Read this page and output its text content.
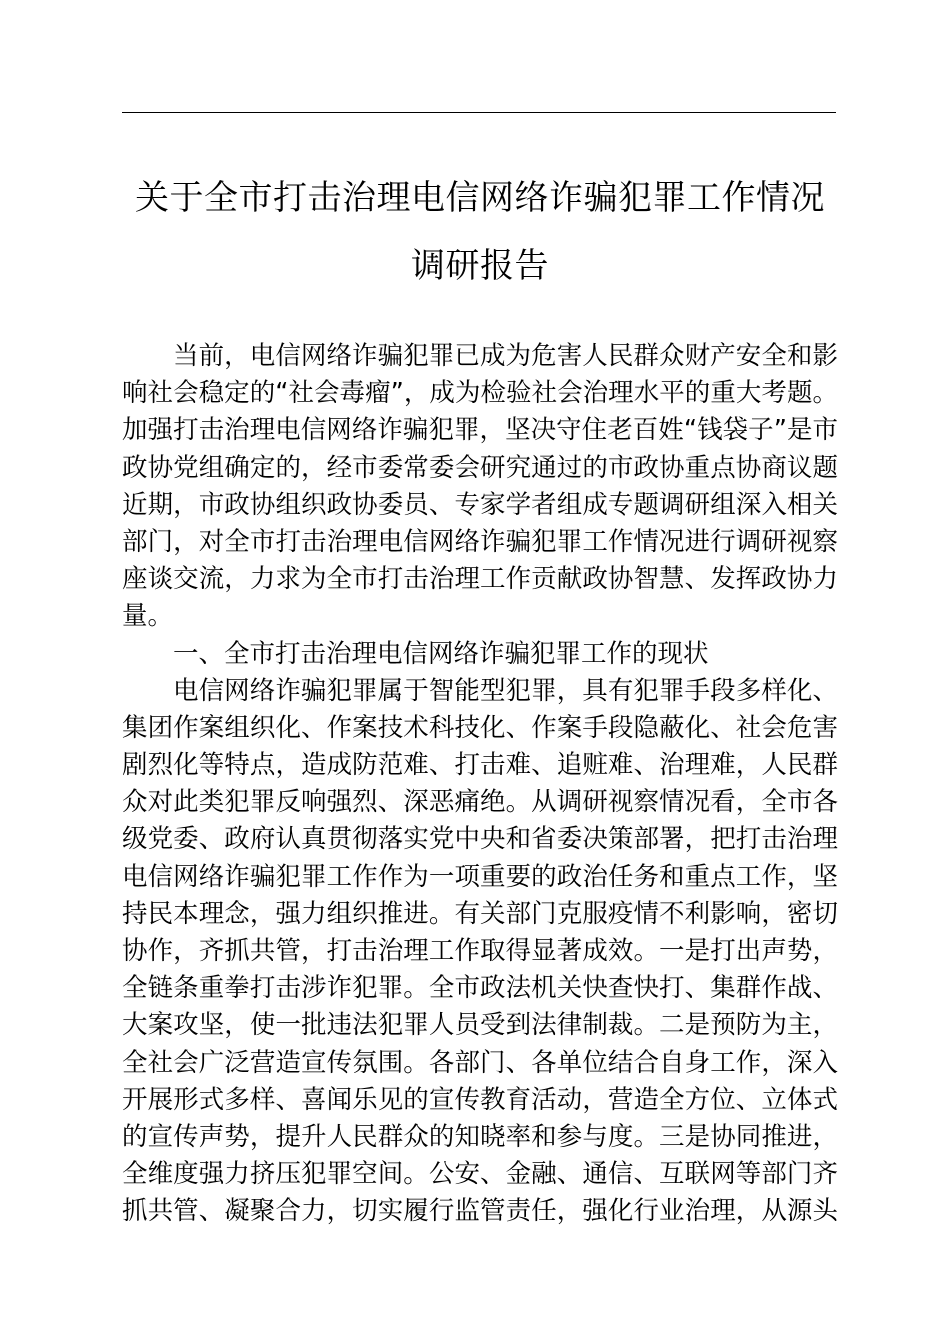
关于全市打击治理电信网络诈骗犯罪工作情况
调研报告
当前，电信网络诈骗犯罪已成为危害人民群众财产安全和影
响社会稳定的“社会毒瘤”，成为检验社会治理水平的重大考题。
加强打击治理电信网络诈骗犯罪，坚决守住老百姓“钱袋子”是市
政协党组确定的，经市委常委会研究通过的市政协重点协商议题
近期，市政协组织政协委员、专家学者组成专题调研组深入相关
部门，对全市打击治理电信网络诈骗犯罪工作情况进行调研视察
座谈交流，力求为全市打击治理工作贡献政协智慧、发挥政协力
量。
一、全市打击治理电信网络诈骗犯罪工作的现状
电信网络诈骗犯罪属于智能型犯罪，具有犯罪手段多样化、
集团作案组织化、作案技术科技化、作案手段隐蔽化、社会危害
剧烈化等特点，造成防范难、打击难、追赃难、治理难，人民群
众对此类犯罪反响强烈、深恶痛绝。从调研视察情况看，全市各
级党委、政府认真贯彻落实党中央和省委决策部署，把打击治理
电信网络诈骗犯罪工作作为一项重要的政治任务和重点工作，坚
持民本理念，强力组织推进。有关部门克服疫情不利影响，密切
协作，齐抓共管，打击治理工作取得显著成效。一是打出声势，
全链条重拳打击涉诈犯罪。全市政法机关快查快打、集群作战、
大案攻坚，使一批违法犯罪人员受到法律制裁。二是预防为主，
全社会广泛营造宣传氛围。各部门、各单位结合自身工作，深入
开展形式多样、喜闻乐见的宣传教育活动，营造全方位、立体式
的宣传声势，提升人民群众的知晓率和参与度。三是协同推进，
全维度强力挤压犯罪空间。公安、金融、通信、互联网等部门齐
抓共管、凝聚合力，切实履行监管责任，强化行业治理，从源头
